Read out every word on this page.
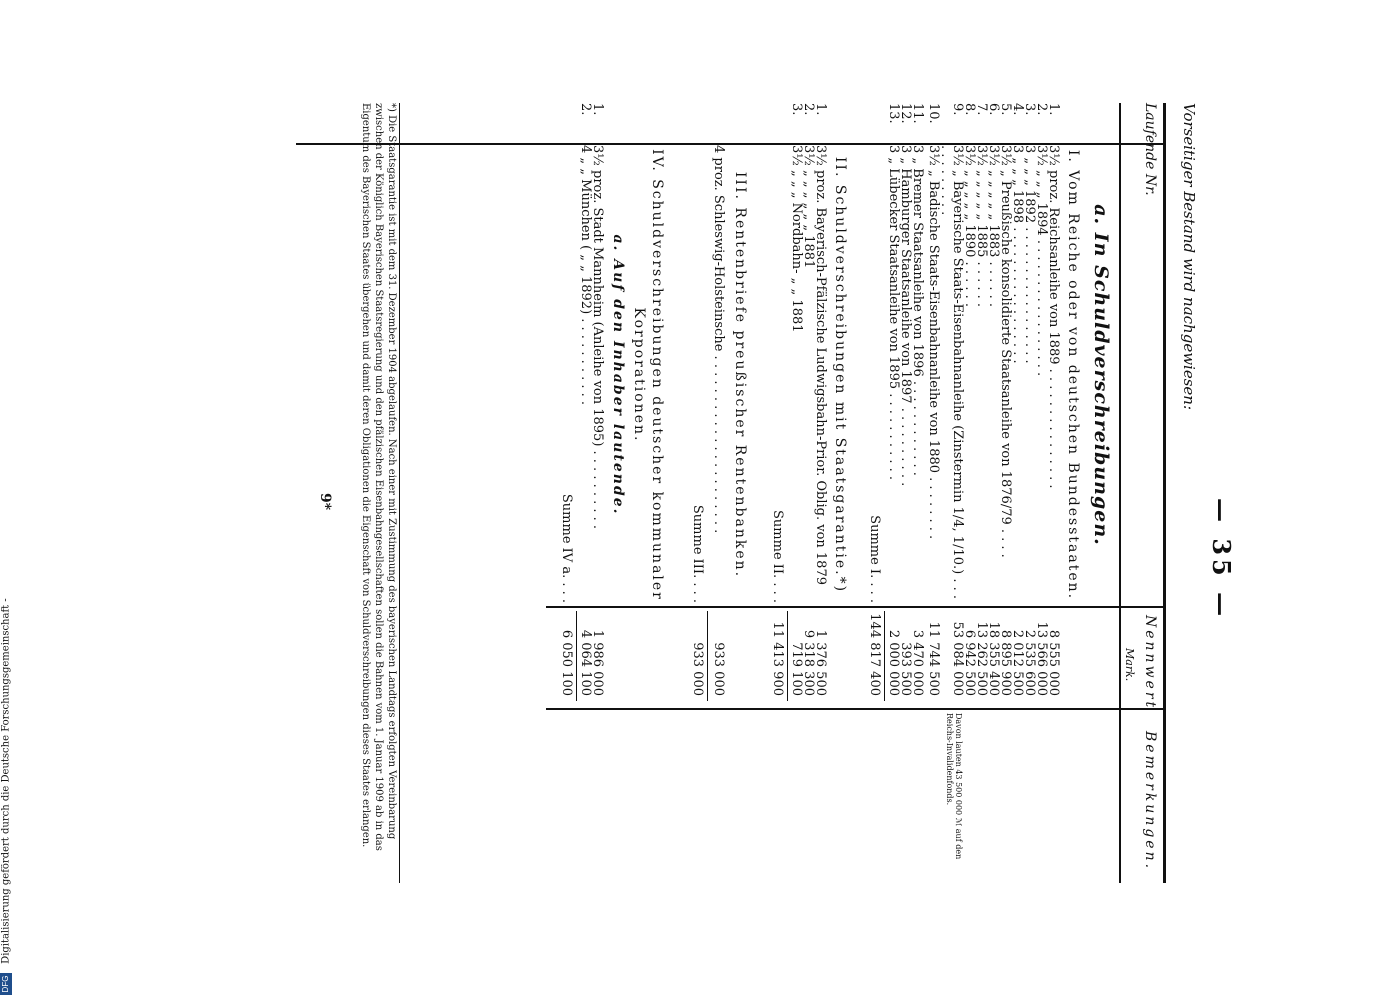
— 35 —
Vorseitiger Bestand wird nachgewiesen:
Laufende Nr.
Nennwert
Mark.
Bemerkungen.
a. In Schuldverschreibungen.
I. Vom Reiche oder von deutschen Bundesstaaten.
1.
3½ proz. Reichsanleihe von 1889 . . . . . . . . . . . . . . .
8 555 000
2.
3½ „ „ „ 1894 . . . . . . . . . . . . . . . . .
13 566 000
3.
3 „ „ „ 1892 . . . . . . . . . . . . . . . . .
2 535 600
4.
3 „ „ „ 1898 . . . . . . . . . . . . . . . . .
2 012 500
5.
3½ „ Preußische konsolidierte Staatsanleihe von 1876/79 . . . .
8 895 900
6.
3½ „ „ „ „ „ 1883 . . . . . .
18 355 400
7.
3½ „ „ „ „ „ 1885 . . . . . .
13 262 500
8.
3½ „ „ „ „ „ 1890 . . . . . .
6 942 500
9.
3½ „ Bayerische Staats-Eisenbahnanleihe (Zinstermin 1/4, 1/10.) . . . . . . . . . . . .
53 084 000
Davon lauten 43 500 000 ℳ auf den Reichs-Invalidenfonds.
10.
3½ „ Badische Staats-Eisenbahnanleihe von 1880 . . . . . . . .
11 744 500
11.
3 „ Bremer Staatsanleihe von 1896 . . . . . . . . . . . .
3 470 000
12.
3 „ Hamburger Staatsanleihe von 1897 . . . . . . . . . .
393 500
13.
3 „ Lübecker Staatsanleihe von 1895 . . . . . . . . . . .
2 000 000
Summe I. . . .
144 817 400
II. Schuldverschreibungen mit Staatsgarantie.*)
1.
3½ proz. Bayerisch-Pfälzische Ludwigsbahn-Prior. Oblig. von 1879
1 376 500
2.
3½ „ „ „ „ „ „ 1881
9 318 300
3.
3½ „ „ „ Nordbahn- „ „ 1881
719 100
Summe II. . . .
11 413 900
III. Rentenbriefe preußischer Rentenbanken.
4 proz. Schleswig-Holsteinsche . . . . . . . . . . . . . . . . . . . . . .
933 000
Summe III. . . .
933 000
IV. Schuldverschreibungen deutscher kommunaler Korporationen.
a. Auf den Inhaber lautende.
1.
3½ proz. Stadt Mannheim (Anleihe von 1895) . . . . . . . . . .
1 986 000
2.
4 „ „ München ( „ „ 1892) . . . . . . . . . . .
4 064 100
Summe IV a. . . .
6 050 100
*) Die Staatsgarantie ist mit dem 31. Dezember 1904 abgelaufen. Nach einer mit Zustimmung des bayerischen Landtags erfolgten Vereinbarung zwischen der Königlich Bayerischen Staatsregierung und den pfälzischen Eisenbahngesellschaften sollen die Bahnen vom 1. Januar 1909 ab in das Eigentum des Bayerischen Staates übergehen und damit deren Obligationen die Eigenschaft von Schuldverschreibungen dieses Staates erlangen.
9*
DFG Digitalisierung gefördert durch die Deutsche Forschungsgemeinschaft -
